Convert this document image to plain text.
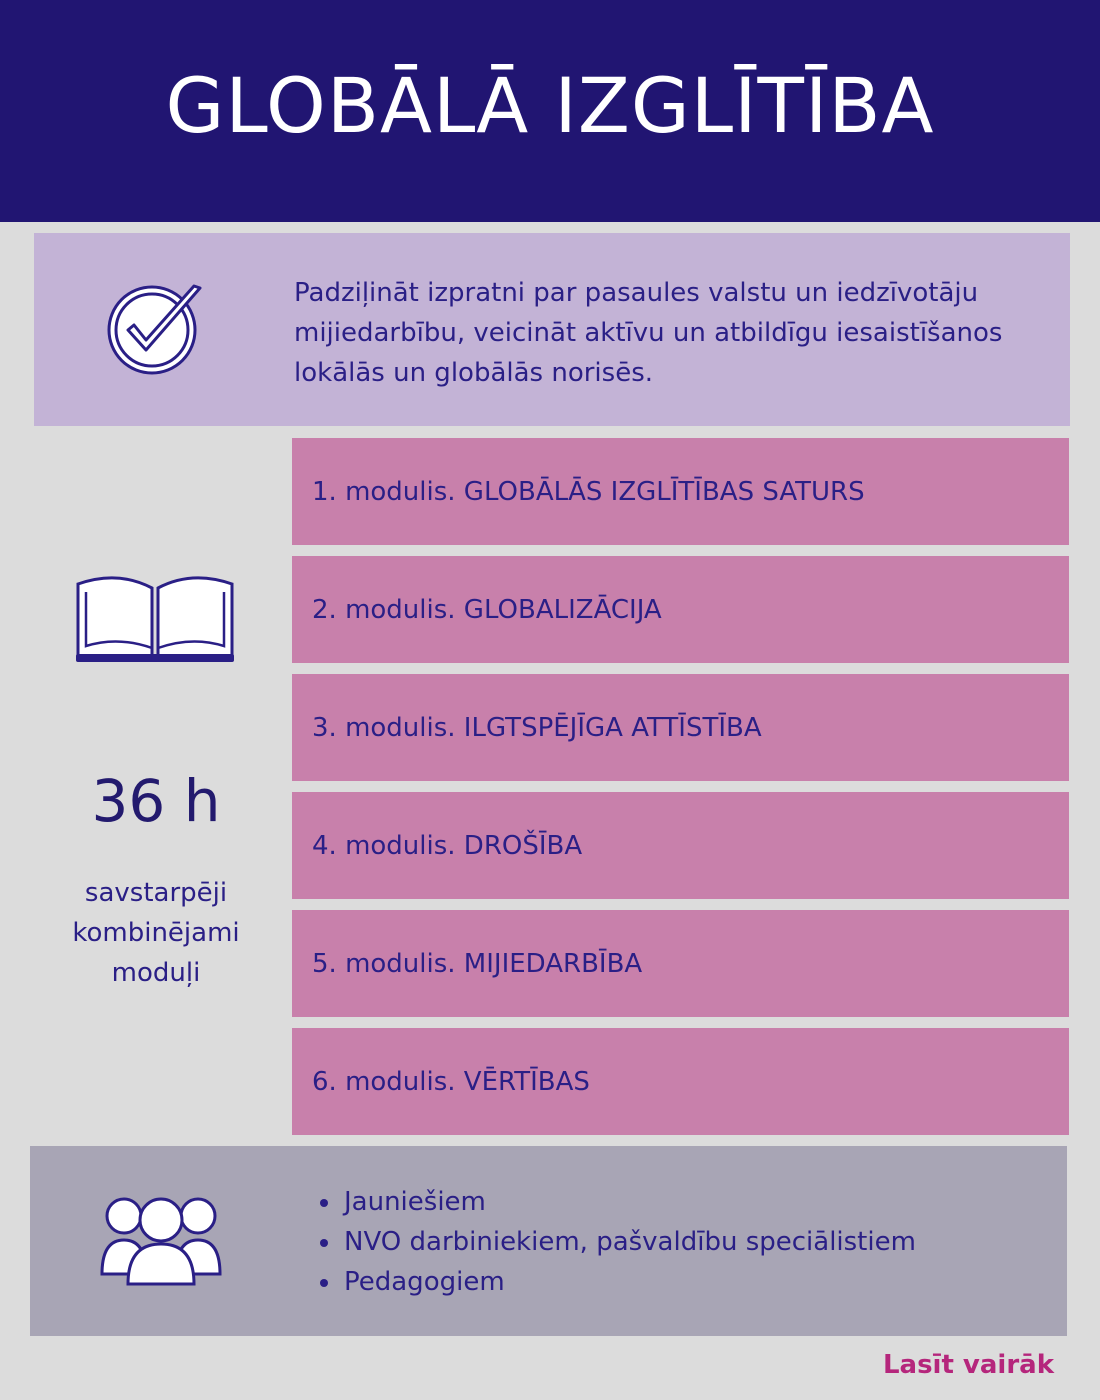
GLOBĀLĀ IZGLĪTĪBA
Padziļināt izpratni par pasaules valstu un iedzīvotāju mijiedarbību, veicināt aktīvu un atbildīgu iesaistīšanos lokālās un globālās norisēs.
36 h
savstarpēji kombinējami moduļi
1. modulis. GLOBĀLĀS IZGLĪTĪBAS SATURS
2. modulis. GLOBALIZĀCIJA
3. modulis. ILGTSPĒJĪGA ATTĪSTĪBA
4. modulis. DROŠĪBA
5. modulis. MIJIEDARBĪBA
6. modulis. VĒRTĪBAS
• Jauniešiem
• NVO darbiniekiem, pašvaldību speciālistiem
• Pedagogiem
Lasīt vairāk
